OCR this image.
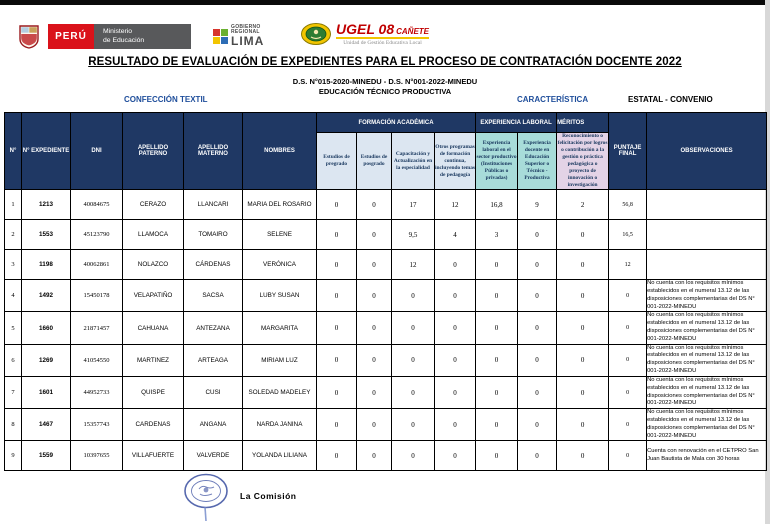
PERÚ Ministerio
de Educación
GOBIERNO
REGIONAL
LIMA
UGEL 08 CAÑETE
Unidad de Gestión Educativa Local
RESULTADO DE EVALUACIÓN DE EXPEDIENTES PARA EL PROCESO DE CONTRATACIÓN DOCENTE 2022
D.S. N°015-2020-MINEDU - D.S. N°001-2022-MINEDU
EDUCACIÓN TÉCNICO PRODUCTIVA
CONFECCIÓN TEXTIL	CARACTERÍSTICA	ESTATAL - CONVENIO
N°	N° EXPEDIENTE	DNI	APELLIDO PATERNO	APELLIDO MATERNO	NOMBRES	FORMACIÓN ACADÉMICA				EXPERIENCIA LABORAL		MÉRITOS	PUNTAJE FINAL	OBSERVACIONES
						Estudios de pregrado	Estudios de posgrado	Capacitación y Actualización en la especialidad	Otros programas de formación continua, incluyendo temas de pedagogía	Experiencia laboral en el sector productivo (Instituciones Públicas o privadas)	Experiencia docente en Educación Superior o Técnico - Productiva	Reconocimiento o felicitación por logros o contribución a la gestión o práctica pedagógica o proyecto de innovación o investigación		
1	1213	40084675	CERAZO	LLANCARI	MARIA DEL ROSARIO	0	0	17	12	16,8	9	2	56,8	
2	1553	45123790	LLAMOCA	TOMAIRO	SELENE	0	0	9,5	4	3	0	0	16,5	
3	1198	40062861	NOLAZCO	CÁRDENAS	VERÓNICA	0	0	12	0	0	0	0	12	
4	1492	15450178	VELAPATIÑO	SACSA	LUBY SUSAN	0	0	0	0	0	0	0	0	No cuenta con los requisitos mínimos establecidos en el numeral 13.12 de las disposiciones complementarias del DS N° 001-2022-MINEDU
5	1660	21871457	CAHUANA	ANTEZANA	MARGARITA	0	0	0	0	0	0	0	0	No cuenta con los requisitos mínimos establecidos en el numeral 13.12 de las disposiciones complementarias del DS N° 001-2022-MINEDU
6	1269	41054550	MARTINEZ	ARTEAGA	MIRIAM LUZ	0	0	0	0	0	0	0	0	No cuenta con los requisitos mínimos establecidos en el numeral 13.12 de las disposiciones complementarias del DS N° 001-2022-MINEDU
7	1601	44952733	QUISPE	CUSI	SOLEDAD MADELEY	0	0	0	0	0	0	0	0	No cuenta con los requisitos mínimos establecidos en el numeral 13.12 de las disposiciones complementarias del DS N° 001-2022-MINEDU
8	1467	15357743	CARDENAS	ANGANA	NARDA JANINA	0	0	0	0	0	0	0	0	No cuenta con los requisitos mínimos establecidos en el numeral 13.12 de las disposiciones complementarias del DS N° 001-2022-MINEDU
9	1559	10397655	VILLAFUERTE	VALVERDE	YOLANDA LILIANA	0	0	0	0	0	0	0	0	Cuenta con renovación en el CETPRO San Juan Bautista de Mala con 30 horas
La Comisión
